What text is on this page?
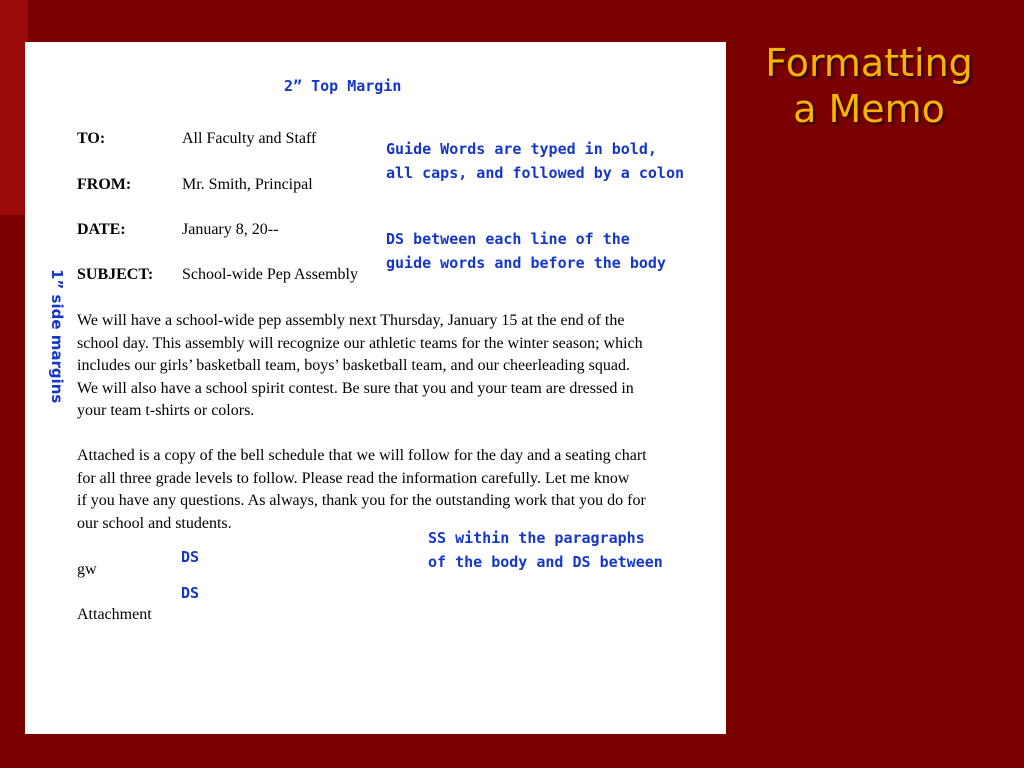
Formatting
a Memo
2” Top Margin
TO:	All Faculty and Staff
FROM:	Mr. Smith, Principal
DATE:	January 8, 20--
SUBJECT: School-wide Pep Assembly
Guide Words are typed in bold,
all caps, and followed by a colon
DS between each line of the
guide words and before the body
We will have a school-wide pep assembly next Thursday, January 15 at the end of the
school day. This assembly will recognize our athletic teams for the winter season; which
includes our girls’ basketball team, boys’ basketball team, and our cheerleading squad.
We will also have a school spirit contest. Be sure that you and your team are dressed in
your team t-shirts or colors.
Attached is a copy of the bell schedule that we will follow for the day and a seating chart
for all three grade levels to follow. Please read the information carefully. Let me know
if you have any questions. As always, thank you for the outstanding work that you do for
our school and students.
DS
gw
DS
Attachment
SS within the paragraphs
of the body and DS between
1” side margins
